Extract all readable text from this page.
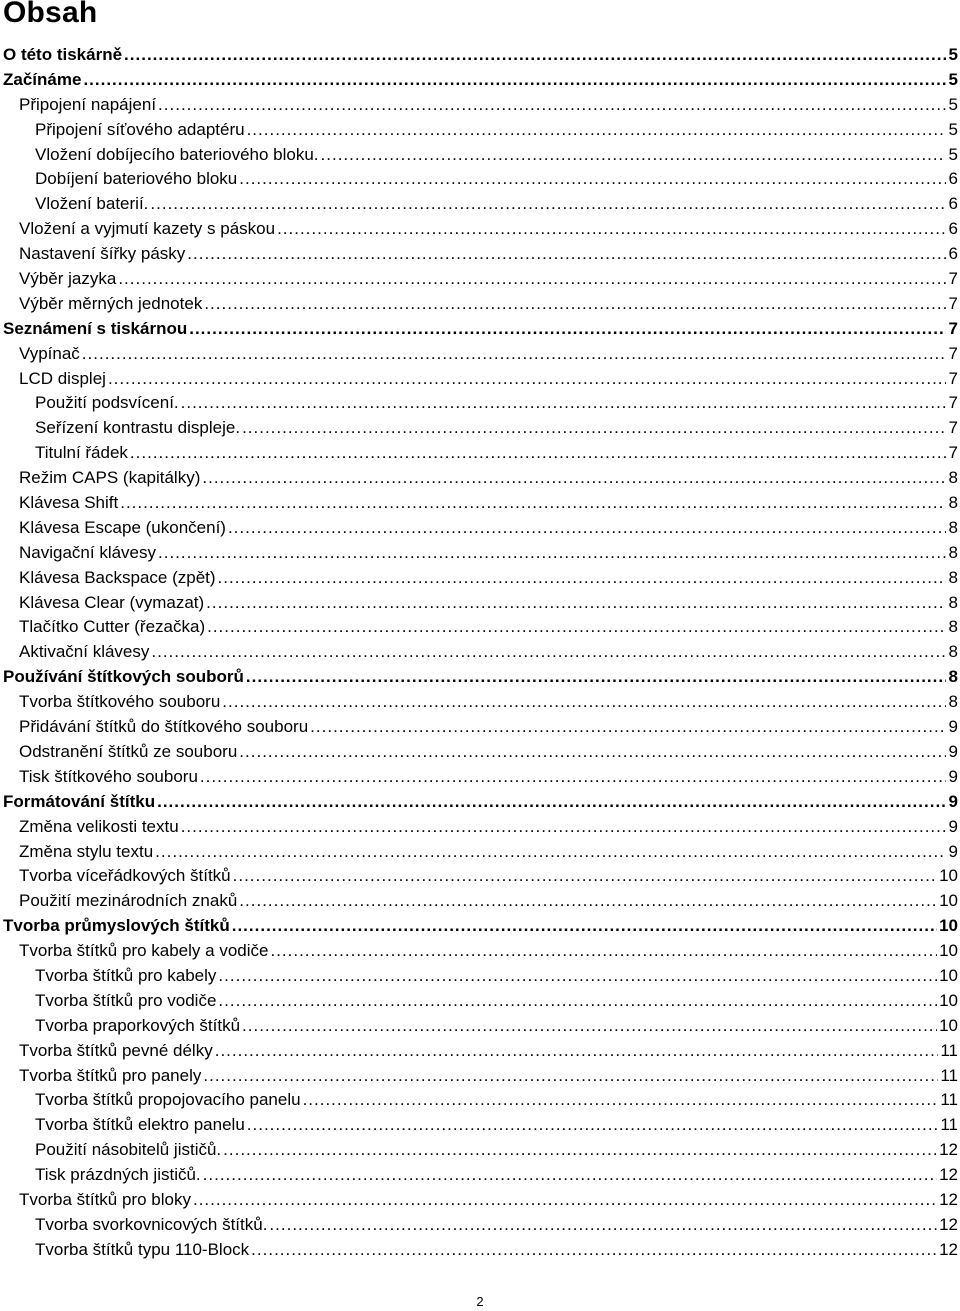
Obsah
O této tiskárně .....	5
Začínáme .....	5
Připojení napájení .....	5
Připojení síťového adaptéru .....	5
Vložení dobíjecího bateriového bloku. .....	5
Dobíjení bateriového bloku .....	6
Vložení baterií. .....	6
Vložení a vyjmutí kazety s páskou .....	6
Nastavení šířky pásky .....	6
Výběr jazyka .....	7
Výběr měrných jednotek .....	7
Seznámení s tiskárnou .....	7
Vypínač .....	7
LCD displej .....	7
Použití podsvícení. .....	7
Seřízení kontrastu displeje. .....	7
Titulní řádek .....	7
Režim CAPS (kapitálky) .....	8
Klávesa Shift .....	8
Klávesa Escape (ukončení) .....	8
Navigační klávesy .....	8
Klávesa Backspace (zpět) .....	8
Klávesa Clear (vymazat) .....	8
Tlačítko Cutter (řezačka) .....	8
Aktivační klávesy .....	8
Používání štítkových souborů .....	8
Tvorba štítkového souboru .....	8
Přidávání štítků do štítkového souboru .....	9
Odstranění štítků ze souboru .....	9
Tisk štítkového souboru .....	9
Formátování štítku .....	9
Změna velikosti textu .....	9
Změna stylu textu .....	9
Tvorba víceřádkových štítků .....	10
Použití mezinárodních znaků .....	10
Tvorba průmyslových štítků .....	10
Tvorba štítků pro kabely a vodiče .....	10
Tvorba štítků pro kabely .....	10
Tvorba štítků pro vodiče .....	10
Tvorba praporkových štítků .....	10
Tvorba štítků pevné délky .....	11
Tvorba štítků pro panely .....	11
Tvorba štítků propojovacího panelu .....	11
Tvorba štítků elektro panelu .....	11
Použití násobitelů jističů. .....	12
Tisk prázdných jističů. .....	12
Tvorba štítků pro bloky .....	12
Tvorba svorkovnicových štítků. .....	12
Tvorba štítků typu 110-Block .....	12
2
